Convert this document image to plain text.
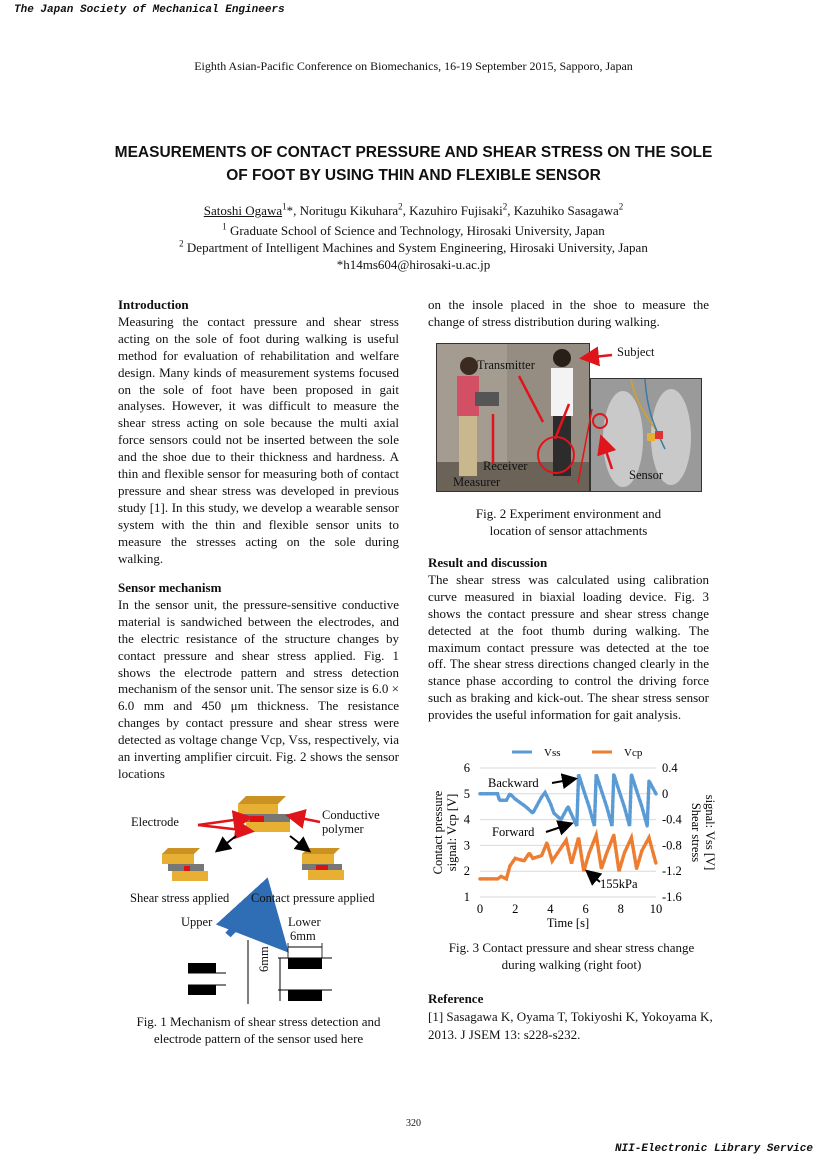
The Japan Society of Mechanical Engineers
NII-Electronic Library Service
320
Eighth Asian-Pacific Conference on Biomechanics, 16-19 September 2015, Sapporo, Japan
MEASUREMENTS OF CONTACT PRESSURE AND SHEAR STRESS ON THE SOLE
OF FOOT BY USING THIN AND FLEXIBLE SENSOR
Satoshi Ogawa$^1$*, Noritugu Kikuhara$^2$, Kazuhiro Fujisaki$^2$, Kazuhiko Sasagawa$^2$
$^1$ Graduate School of Science and Technology, Hirosaki University, Japan
$^2$ Department of Intelligent Machines and System Engineering, Hirosaki University, Japan
*h14ms604@hirosaki-u.ac.jp
Introduction
Measuring the contact pressure and shear stress acting on the sole of foot during walking is useful method for evaluation of rehabilitation and welfare design. Many kinds of measurement systems focused on the sole of foot have been proposed in gait analyses. However, it was difficult to measure the shear stress acting on sole because the multi axial force sensors could not be inserted between the sole and the shoe due to their thickness and hardness. A thin and flexible sensor for measuring both of contact pressure and shear stress was developed in previous study [1]. In this study, we develop a wearable sensor system with the thin and flexible sensor units to measure the stresses acting on the sole during walking.
Sensor mechanism
In the sensor unit, the pressure-sensitive conductive material is sandwiched between the electrodes, and the electric resistance of the structure changes by contact pressure and shear stress applied. Fig. 1 shows the electrode pattern and stress detection mechanism of the sensor unit. The sensor size is 6.0 × 6.0 mm and 450 μm thickness. The resistance changes by contact pressure and shear stress were detected as voltage change Vcp, Vss, respectively, via an inverting amplifier circuit. Fig. 2 shows the sensor locations
Electrode	Conductive
polymer
Shear stress applied Contact pressure applied
Upper	Lower
6mm
6mm
Fig. 1 Mechanism of shear stress detection and
electrode pattern of the sensor used here
on the insole placed in the shoe to measure the change of stress distribution during walking.
Transmitter
Subject
Receiver
Measurer	Sensor
Fig. 2 Experiment environment and
location of sensor attachments
Result and discussion
The shear stress was calculated using calibration curve measured in biaxial loading device. Fig. 3 shows the contact pressure and shear stress change detected at the foot thumb during walking. The maximum contact pressure was detected at the toe off. The shear stress directions changed clearly in the stance phase according to control the driving force such as braking and kick-out. The shear stress sensor provides the useful information for gait analysis.
1
2
3
4
5
6
-1.6
-1.2
-0.8
-0.4
0
0.4
0 2 4 6 8 10
Time [s]
Contact pressure signal: Vcp [V]	Shear stress signal: Vss [V]
Vss	Vcp
Backward
Forward
155kPa
Fig. 3 Contact pressure and shear stress change
during walking (right foot)
Reference
[1] Sasagawa K, Oyama T, Tokiyoshi K, Yokoyama K, 2013. J JSEM 13: s228-s232.
